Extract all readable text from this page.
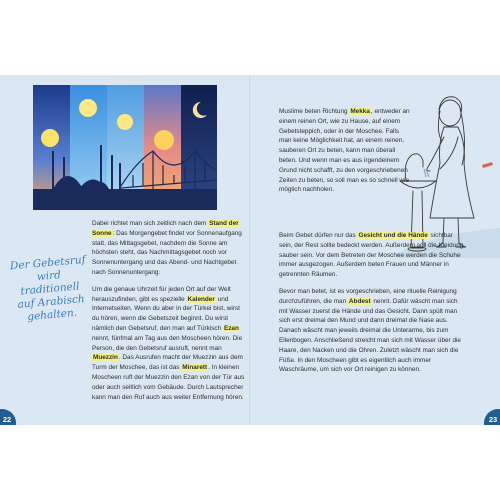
Der Gebetsruf wird traditionell auf Arabisch gehalten.

Dabei richtet man sich zeitlich nach dem Stand der Sonne: Das Morgengebet findet vor Sonnenaufgang statt, das Mittagsgebet, nachdem die Sonne am höchsten steht, das Nachmittagsgebet noch vor Sonnenuntergang und das Abend- und Nachtgebet nach Sonnenuntergang.

Um die genaue Uhrzeit für jeden Ort auf der Welt herauszufinden, gibt es spezielle Kalender und Internetseiten. Wenn du aber in der Türkei bist, wirst du hören, wenn die Gebetszeit beginnt. Du wirst nämlich den Gebetsruf, den man auf Türkisch Ezan nennt, fünfmal am Tag aus den Moscheen hören. Die Person, die den Gebetsruf ausruft, nennt man Muezzin. Das Ausrufen macht der Muezzin aus dem Turm der Moschee, das ist das Minarett. In kleinen Moscheen ruft der Muezzin den Ezan von der Tür aus oder auch seitlich vom Gebäude. Durch Lautsprecher kann man den Ruf auch aus weiter Entfernung hören.

22

Muslime beten Richtung Mekka, entweder an einem reinen Ort, wie zu Hause, auf einem Gebetsteppich, oder in der Moschee. Falls man keine Möglichkeit hat, an einem reinen, sauberen Ort zu beten, kann man überall beten. Und wenn man es aus irgendeinem Grund nicht schafft, zu den vorgeschriebenen Zeiten zu beten, so soll man es so schnell wie möglich nachholen.

Beim Gebet dürfen nur das Gesicht und die Hände sichtbar sein, der Rest sollte bedeckt werden. Außerdem soll die Kleidung sauber sein. Vor dem Betreten der Moschee werden die Schuhe immer ausgezogen. Außerdem beten Frauen und Männer in getrennten Räumen.

Bevor man betet, ist es vorgeschrieben, eine rituelle Reinigung durchzuführen, die man Abdest nennt. Dafür wäscht man sich mit Wasser zuerst die Hände und das Gesicht. Dann spült man sich erst dreimal den Mund und dann dreimal die Nase aus. Danach wäscht man jeweils dreimal die Unterarme, bis zum Ellenbogen. Anschließend streicht man sich mit Wasser über die Haare, den Nacken und die Ohren. Zuletzt wäscht man sich die Füße. In den Moscheen gibt es eigentlich auch immer Waschräume, um sich vor Ort reinigen zu können.

23
